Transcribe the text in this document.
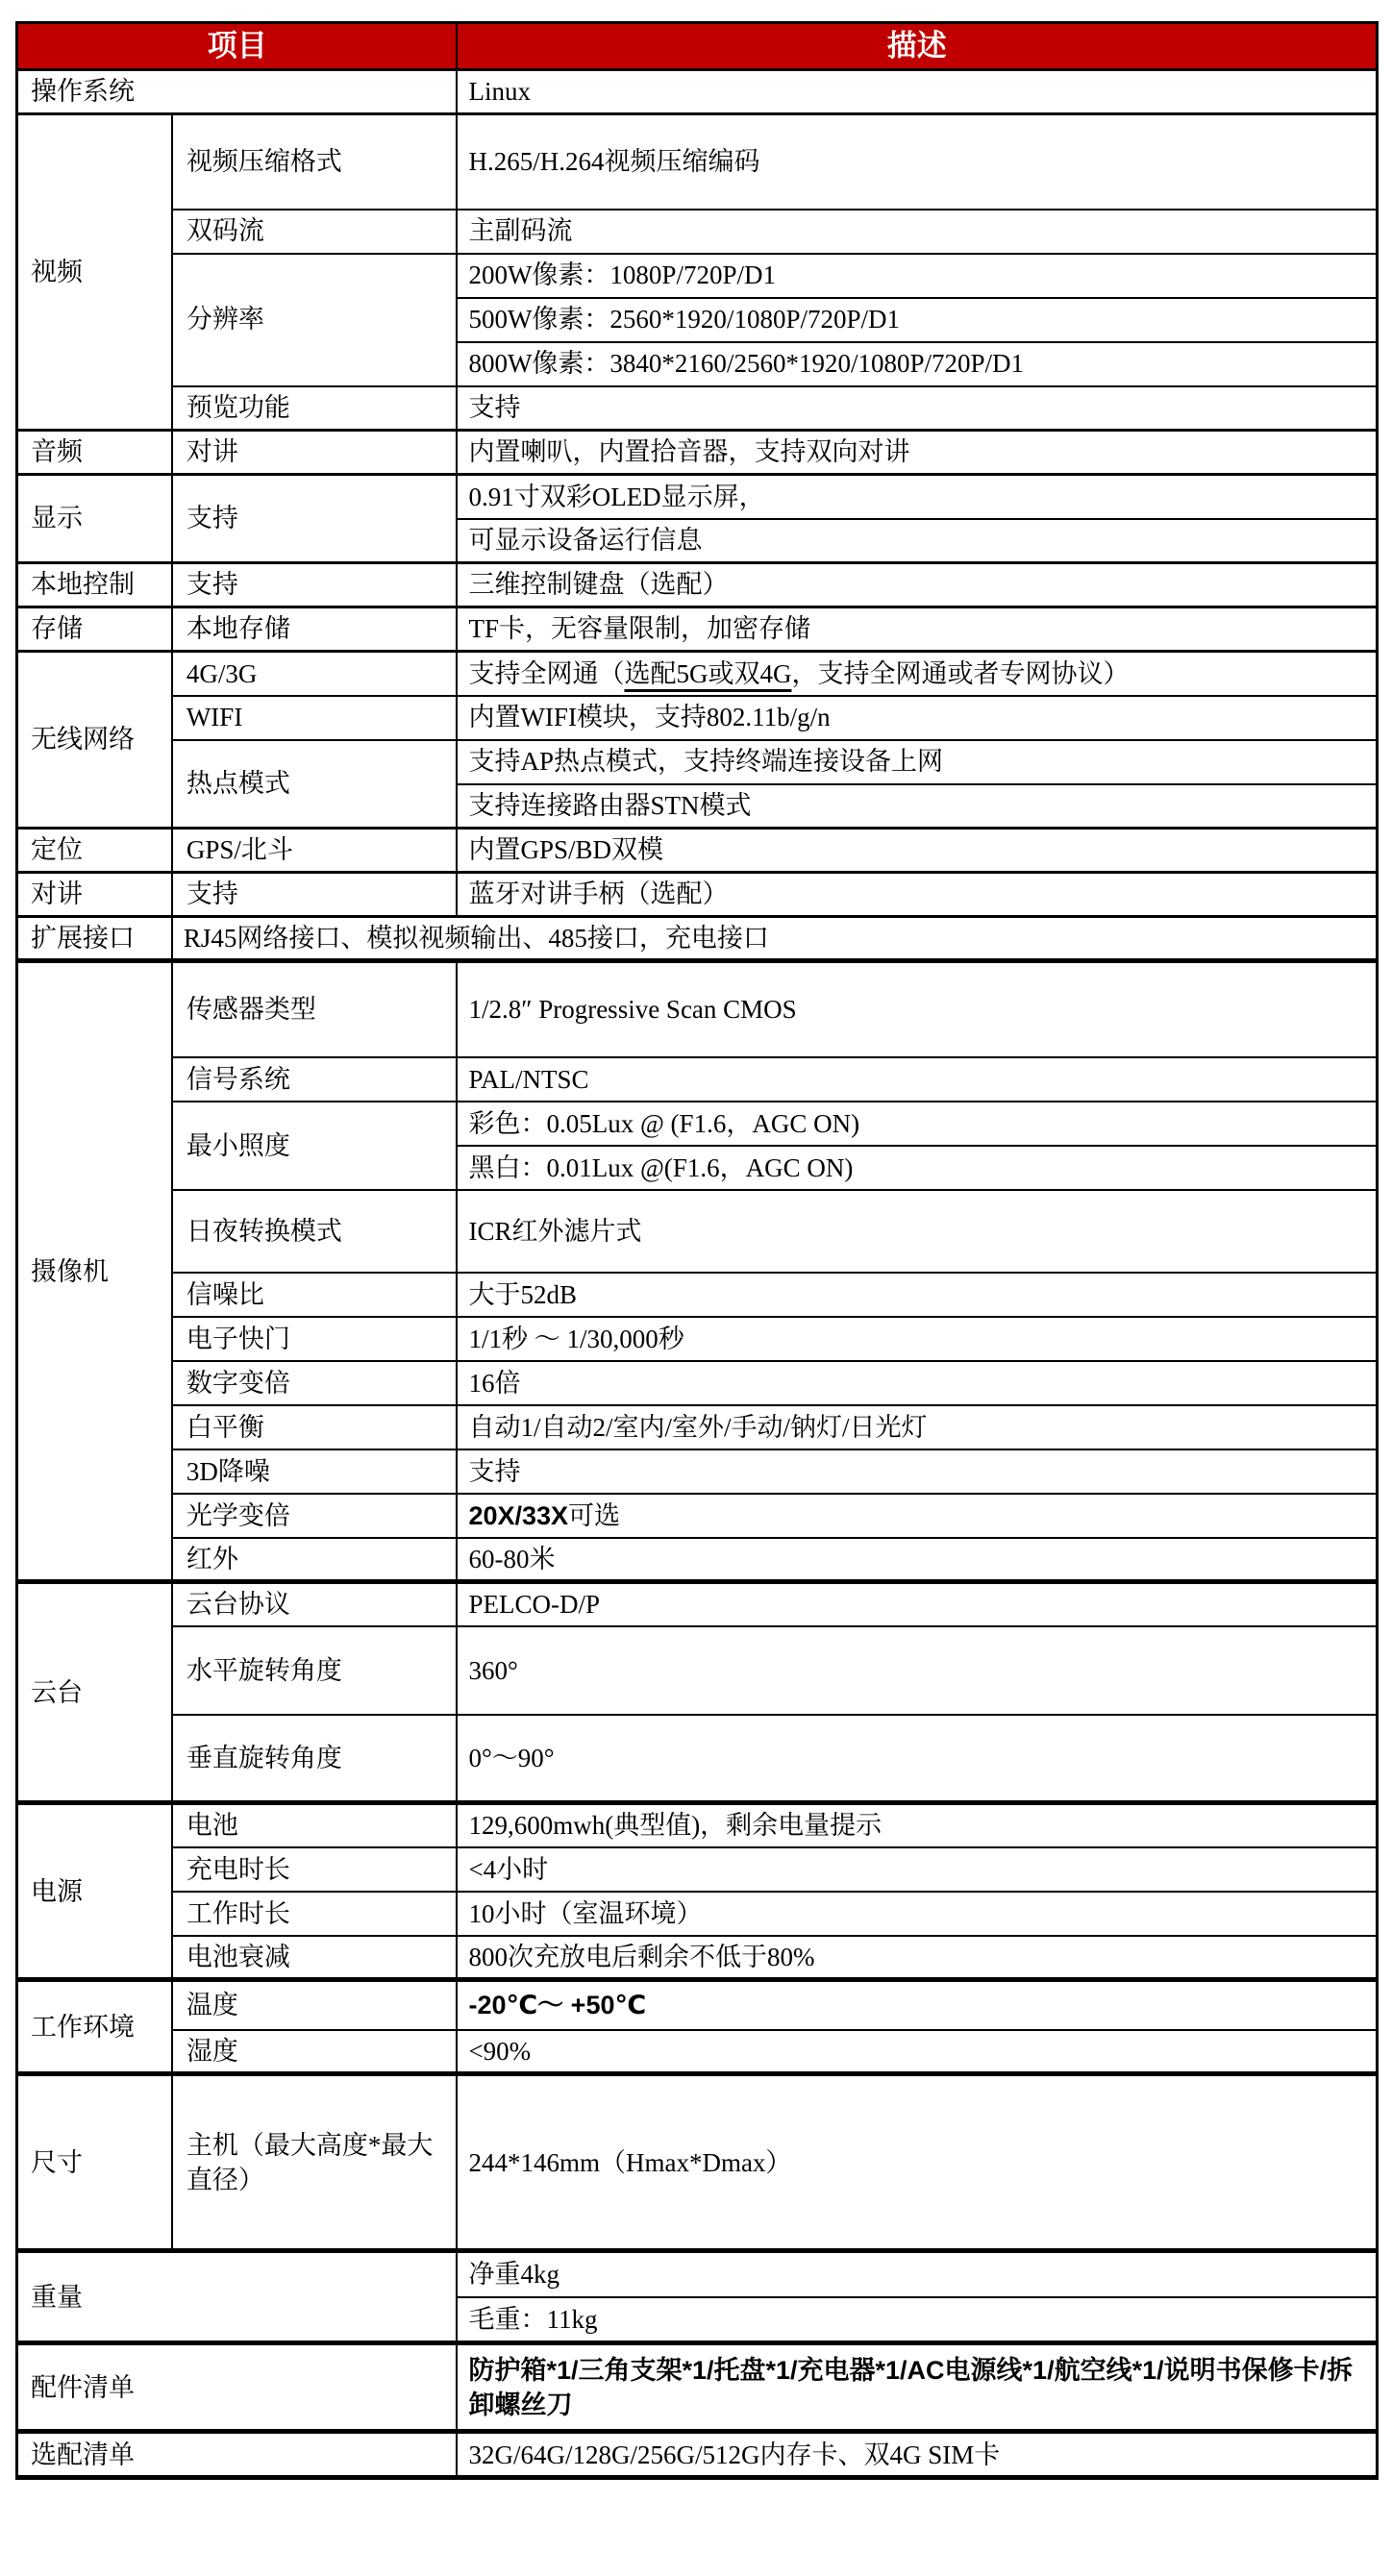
项目		描述
操作系统		Linux
视频	视频压缩格式	H.265/H.264视频压缩编码
	双码流	主副码流
	分辨率	200W像素：1080P/720P/D1
		500W像素：2560*1920/1080P/720P/D1
		800W像素：3840*2160/2560*1920/1080P/720P/D1
	预览功能	支持
音频	对讲	内置喇叭，内置拾音器，支持双向对讲
显示	支持	0.91寸双彩OLED显示屏，
		可显示设备运行信息
本地控制	支持	三维控制键盘（选配）
存储	本地存储	TF卡，无容量限制，加密存储
无线网络	4G/3G	支持全网通（选配5G或双4G，支持全网通或者专网协议）
	WIFI	内置WIFI模块，支持802.11b/g/n
	热点模式	支持AP热点模式，支持终端连接设备上网
		支持连接路由器STN模式
定位	GPS/北斗	内置GPS/BD双模
对讲	支持	蓝牙对讲手柄（选配）
扩展接口	RJ45网络接口、模拟视频输出、485接口，充电接口	
摄像机	传感器类型	1/2.8″ Progressive Scan CMOS
	信号系统	PAL/NTSC
	最小照度	彩色：0.05Lux @ (F1.6，AGC ON)
		黑白：0.01Lux @(F1.6，AGC ON)
	日夜转换模式	ICR红外滤片式
	信噪比	大于52dB
	电子快门	1/1秒 ～ 1/30,000秒
	数字变倍	16倍
	白平衡	自动1/自动2/室内/室外/手动/钠灯/日光灯
	3D降噪	支持
	光学变倍	20X/33X可选
	红外	60-80米
云台	云台协议	PELCO-D/P
	水平旋转角度	360°
	垂直旋转角度	0°～90°
电源	电池	129,600mwh(典型值)，剩余电量提示
	充电时长	<4小时
	工作时长	10小时（室温环境）
	电池衰减	800次充放电后剩余不低于80%
工作环境	温度	-20℃～ +50℃
	湿度	<90%
尺寸	主机（最大高度*最大直径）	244*146mm（Hmax*Dmax）
重量		净重4kg
		毛重：11kg
配件清单		防护箱*1/三角支架*1/托盘*1/充电器*1/AC电源线*1/航空线*1/说明书保修卡/拆卸螺丝刀
选配清单		32G/64G/128G/256G/512G内存卡、双4G SIM卡
